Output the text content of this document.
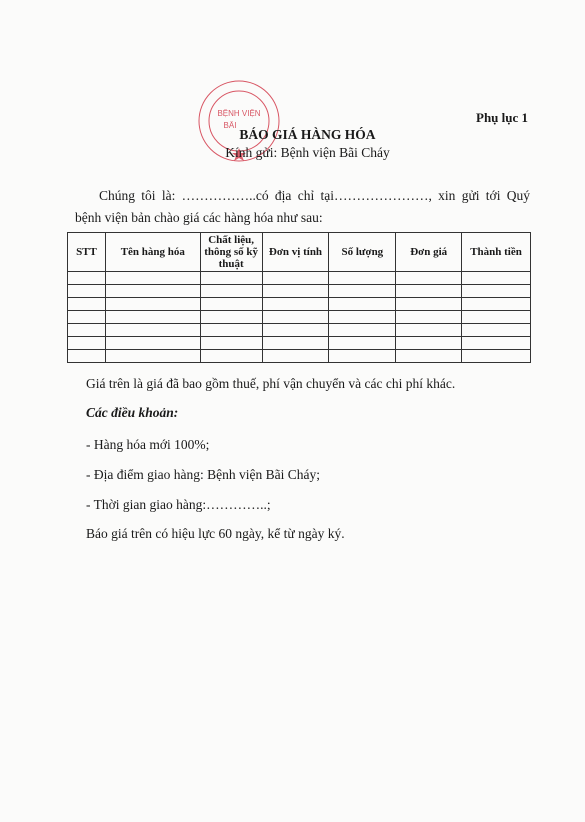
Phụ lục 1
BỆNH VIỆN
BÃI
BÁO GIÁ HÀNG HÓA
Kính gửi: Bệnh viện Bãi Cháy
Chúng tôi là: ……………..có địa chỉ tại…………………, xin gửi tới Quý
bệnh viện bản chào giá các hàng hóa như sau:
STT	Tên hàng hóa	Chất liệu, thông số kỹ thuật	Đơn vị tính	Số lượng	Đơn giá	Thành tiền

Giá trên là giá đã bao gồm thuế, phí vận chuyển và các chi phí khác.
Các điều khoản:
- Hàng hóa mới 100%;
- Địa điểm giao hàng: Bệnh viện Bãi Cháy;
- Thời gian giao hàng:…………..;
Báo giá trên có hiệu lực 60 ngày, kể từ ngày ký.
